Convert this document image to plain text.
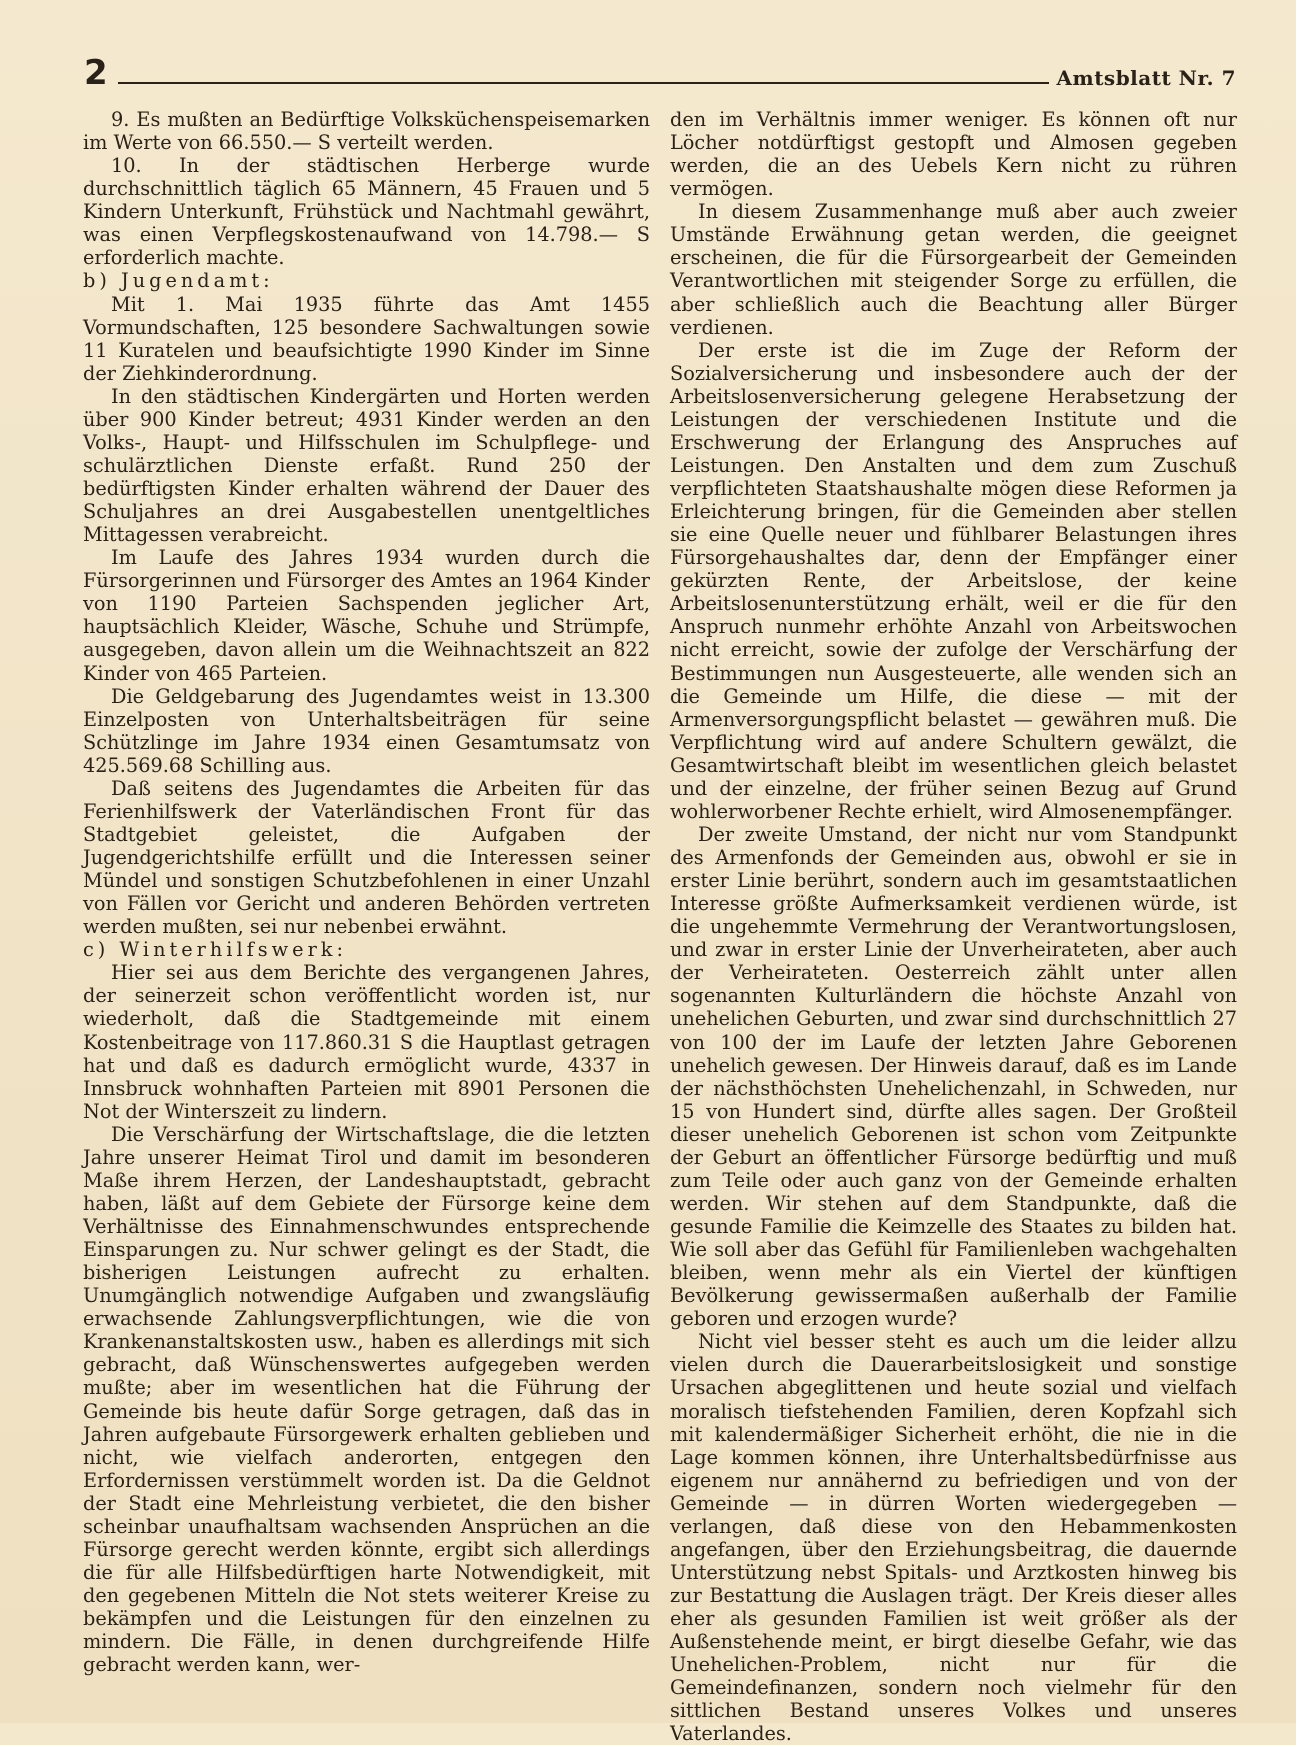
2	Amtsblatt Nr. 7

9. Es mußten an Bedürftige Volksküchenspeisemarken im Werte von 66.550.— S verteilt werden.

10. In der städtischen Herberge wurde durchschnittlich täglich 65 Männern, 45 Frauen und 5 Kindern Unterkunft, Frühstück und Nachtmahl gewährt, was einen Verpflegskostenaufwand von 14.798.— S erforderlich machte.

b) Jugendamt:

Mit 1. Mai 1935 führte das Amt 1455 Vormundschaften, 125 besondere Sachwaltungen sowie 11 Kuratelen und beaufsichtigte 1990 Kinder im Sinne der Ziehkinderordnung.

In den städtischen Kindergärten und Horten werden über 900 Kinder betreut; 4931 Kinder werden an den Volks-, Haupt- und Hilfsschulen im Schulpflege- und schulärztlichen Dienste erfaßt. Rund 250 der bedürftigsten Kinder erhalten während der Dauer des Schuljahres an drei Ausgabestellen unentgeltliches Mittagessen verabreicht.

Im Laufe des Jahres 1934 wurden durch die Fürsorgerinnen und Fürsorger des Amtes an 1964 Kinder von 1190 Parteien Sachspenden jeglicher Art, hauptsächlich Kleider, Wäsche, Schuhe und Strümpfe, ausgegeben, davon allein um die Weihnachtszeit an 822 Kinder von 465 Parteien.

Die Geldgebarung des Jugendamtes weist in 13.300 Einzelposten von Unterhaltsbeiträgen für seine Schützlinge im Jahre 1934 einen Gesamtumsatz von 425.569.68 Schilling aus.

Daß seitens des Jugendamtes die Arbeiten für das Ferienhilfswerk der Vaterländischen Front für das Stadtgebiet geleistet, die Aufgaben der Jugendgerichtshilfe erfüllt und die Interessen seiner Mündel und sonstigen Schutzbefohlenen in einer Unzahl von Fällen vor Gericht und anderen Behörden vertreten werden mußten, sei nur nebenbei erwähnt.

c) Winterhilfswerk:

Hier sei aus dem Berichte des vergangenen Jahres, der seinerzeit schon veröffentlicht worden ist, nur wiederholt, daß die Stadtgemeinde mit einem Kostenbeitrage von 117.860.31 S die Hauptlast getragen hat und daß es dadurch ermöglicht wurde, 4337 in Innsbruck wohnhaften Parteien mit 8901 Personen die Not der Winterszeit zu lindern.

Die Verschärfung der Wirtschaftslage, die die letzten Jahre unserer Heimat Tirol und damit im besonderen Maße ihrem Herzen, der Landeshauptstadt, gebracht haben, läßt auf dem Gebiete der Fürsorge keine dem Verhältnisse des Einnahmenschwundes entsprechende Einsparungen zu. Nur schwer gelingt es der Stadt, die bisherigen Leistungen aufrecht zu erhalten. Unumgänglich notwendige Aufgaben und zwangsläufig erwachsende Zahlungsverpflichtungen, wie die von Krankenanstaltskosten usw., haben es allerdings mit sich gebracht, daß Wünschenswertes aufgegeben werden mußte; aber im wesentlichen hat die Führung der Gemeinde bis heute dafür Sorge getragen, daß das in Jahren aufgebaute Fürsorgewerk erhalten geblieben und nicht, wie vielfach anderorten, entgegen den Erfordernissen verstümmelt worden ist. Da die Geldnot der Stadt eine Mehrleistung verbietet, die den bisher scheinbar unaufhaltsam wachsenden Ansprüchen an die Fürsorge gerecht werden könnte, ergibt sich allerdings die für alle Hilfsbedürftigen harte Notwendigkeit, mit den gegebenen Mitteln die Not stets weiterer Kreise zu bekämpfen und die Leistungen für den einzelnen zu mindern. Die Fälle, in denen durchgreifende Hilfe gebracht werden kann, wer-

den im Verhältnis immer weniger. Es können oft nur Löcher notdürftigst gestopft und Almosen gegeben werden, die an des Uebels Kern nicht zu rühren vermögen.

In diesem Zusammenhange muß aber auch zweier Umstände Erwähnung getan werden, die geeignet erscheinen, die für die Fürsorgearbeit der Gemeinden Verantwortlichen mit steigender Sorge zu erfüllen, die aber schließlich auch die Beachtung aller Bürger verdienen.

Der erste ist die im Zuge der Reform der Sozialversicherung und insbesondere auch der der Arbeitslosenversicherung gelegene Herabsetzung der Leistungen der verschiedenen Institute und die Erschwerung der Erlangung des Anspruches auf Leistungen. Den Anstalten und dem zum Zuschuß verpflichteten Staatshaushalte mögen diese Reformen ja Erleichterung bringen, für die Gemeinden aber stellen sie eine Quelle neuer und fühlbarer Belastungen ihres Fürsorgehaushaltes dar, denn der Empfänger einer gekürzten Rente, der Arbeitslose, der keine Arbeitslosenunterstützung erhält, weil er die für den Anspruch nunmehr erhöhte Anzahl von Arbeitswochen nicht erreicht, sowie der zufolge der Verschärfung der Bestimmungen nun Ausgesteuerte, alle wenden sich an die Gemeinde um Hilfe, die diese — mit der Armenversorgungspflicht belastet — gewähren muß. Die Verpflichtung wird auf andere Schultern gewälzt, die Gesamtwirtschaft bleibt im wesentlichen gleich belastet und der einzelne, der früher seinen Bezug auf Grund wohlerworbener Rechte erhielt, wird Almosenempfänger.

Der zweite Umstand, der nicht nur vom Standpunkt des Armenfonds der Gemeinden aus, obwohl er sie in erster Linie berührt, sondern auch im gesamtstaatlichen Interesse größte Aufmerksamkeit verdienen würde, ist die ungehemmte Vermehrung der Verantwortungslosen, und zwar in erster Linie der Unverheirateten, aber auch der Verheirateten. Oesterreich zählt unter allen sogenannten Kulturländern die höchste Anzahl von unehelichen Geburten, und zwar sind durchschnittlich 27 von 100 der im Laufe der letzten Jahre Geborenen unehelich gewesen. Der Hinweis darauf, daß es im Lande der nächsthöchsten Unehelichenzahl, in Schweden, nur 15 von Hundert sind, dürfte alles sagen. Der Großteil dieser unehelich Geborenen ist schon vom Zeitpunkte der Geburt an öffentlicher Fürsorge bedürftig und muß zum Teile oder auch ganz von der Gemeinde erhalten werden. Wir stehen auf dem Standpunkte, daß die gesunde Familie die Keimzelle des Staates zu bilden hat. Wie soll aber das Gefühl für Familienleben wachgehalten bleiben, wenn mehr als ein Viertel der künftigen Bevölkerung gewissermaßen außerhalb der Familie geboren und erzogen wurde?

Nicht viel besser steht es auch um die leider allzu vielen durch die Dauerarbeitslosigkeit und sonstige Ursachen abgeglittenen und heute sozial und vielfach moralisch tiefstehenden Familien, deren Kopfzahl sich mit kalendermäßiger Sicherheit erhöht, die nie in die Lage kommen können, ihre Unterhaltsbedürfnisse aus eigenem nur annähernd zu befriedigen und von der Gemeinde — in dürren Worten wiedergegeben — verlangen, daß diese von den Hebammenkosten angefangen, über den Erziehungsbeitrag, die dauernde Unterstützung nebst Spitals- und Arztkosten hinweg bis zur Bestattung die Auslagen trägt. Der Kreis dieser alles eher als gesunden Familien ist weit größer als der Außenstehende meint, er birgt dieselbe Gefahr, wie das Unehelichen-Problem, nicht nur für die Gemeindefinanzen, sondern noch vielmehr für den sittlichen Bestand unseres Volkes und unseres Vaterlandes.
